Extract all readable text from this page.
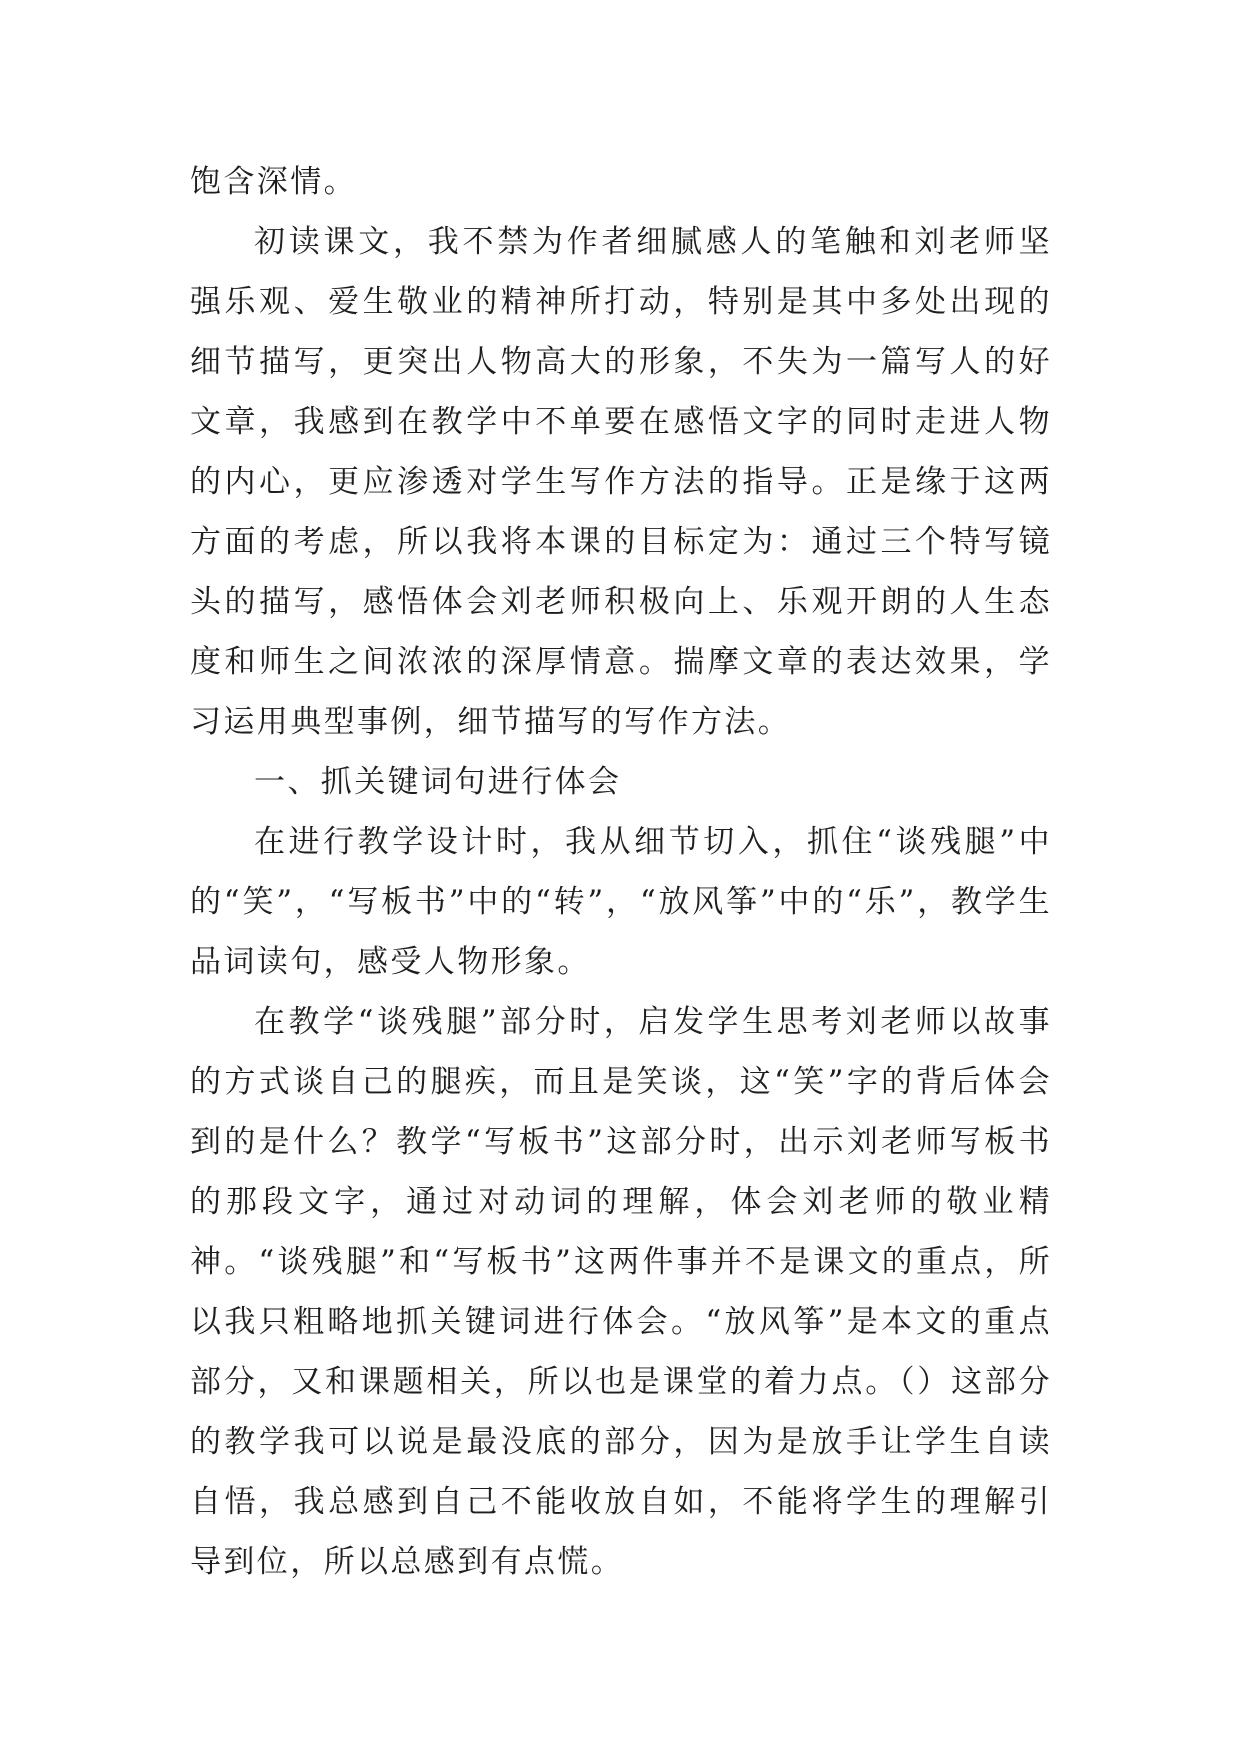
饱含深情。

初读课文，我不禁为作者细腻感人的笔触和刘老师坚强乐观、爱生敬业的精神所打动，特别是其中多处出现的细节描写，更突出人物高大的形象，不失为一篇写人的好文章，我感到在教学中不单要在感悟文字的同时走进人物的内心，更应渗透对学生写作方法的指导。正是缘于这两方面的考虑，所以我将本课的目标定为：通过三个特写镜头的描写，感悟体会刘老师积极向上、乐观开朗的人生态度和师生之间浓浓的深厚情意。揣摩文章的表达效果，学习运用典型事例，细节描写的写作方法。

一、抓关键词句进行体会

在进行教学设计时，我从细节切入，抓住“谈残腿”中的“笑”，“写板书”中的“转”，“放风筝”中的“乐”，教学生品词读句，感受人物形象。

在教学“谈残腿”部分时，启发学生思考刘老师以故事的方式谈自己的腿疾，而且是笑谈，这“笑”字的背后体会到的是什么？教学“写板书”这部分时，出示刘老师写板书的那段文字，通过对动词的理解，体会刘老师的敬业精神。“谈残腿”和“写板书”这两件事并不是课文的重点，所以我只粗略地抓关键词进行体会。“放风筝”是本文的重点部分，又和课题相关，所以也是课堂的着力点。（）这部分的教学我可以说是最没底的部分，因为是放手让学生自读自悟，我总感到自己不能收放自如，不能将学生的理解引导到位，所以总感到有点慌。
